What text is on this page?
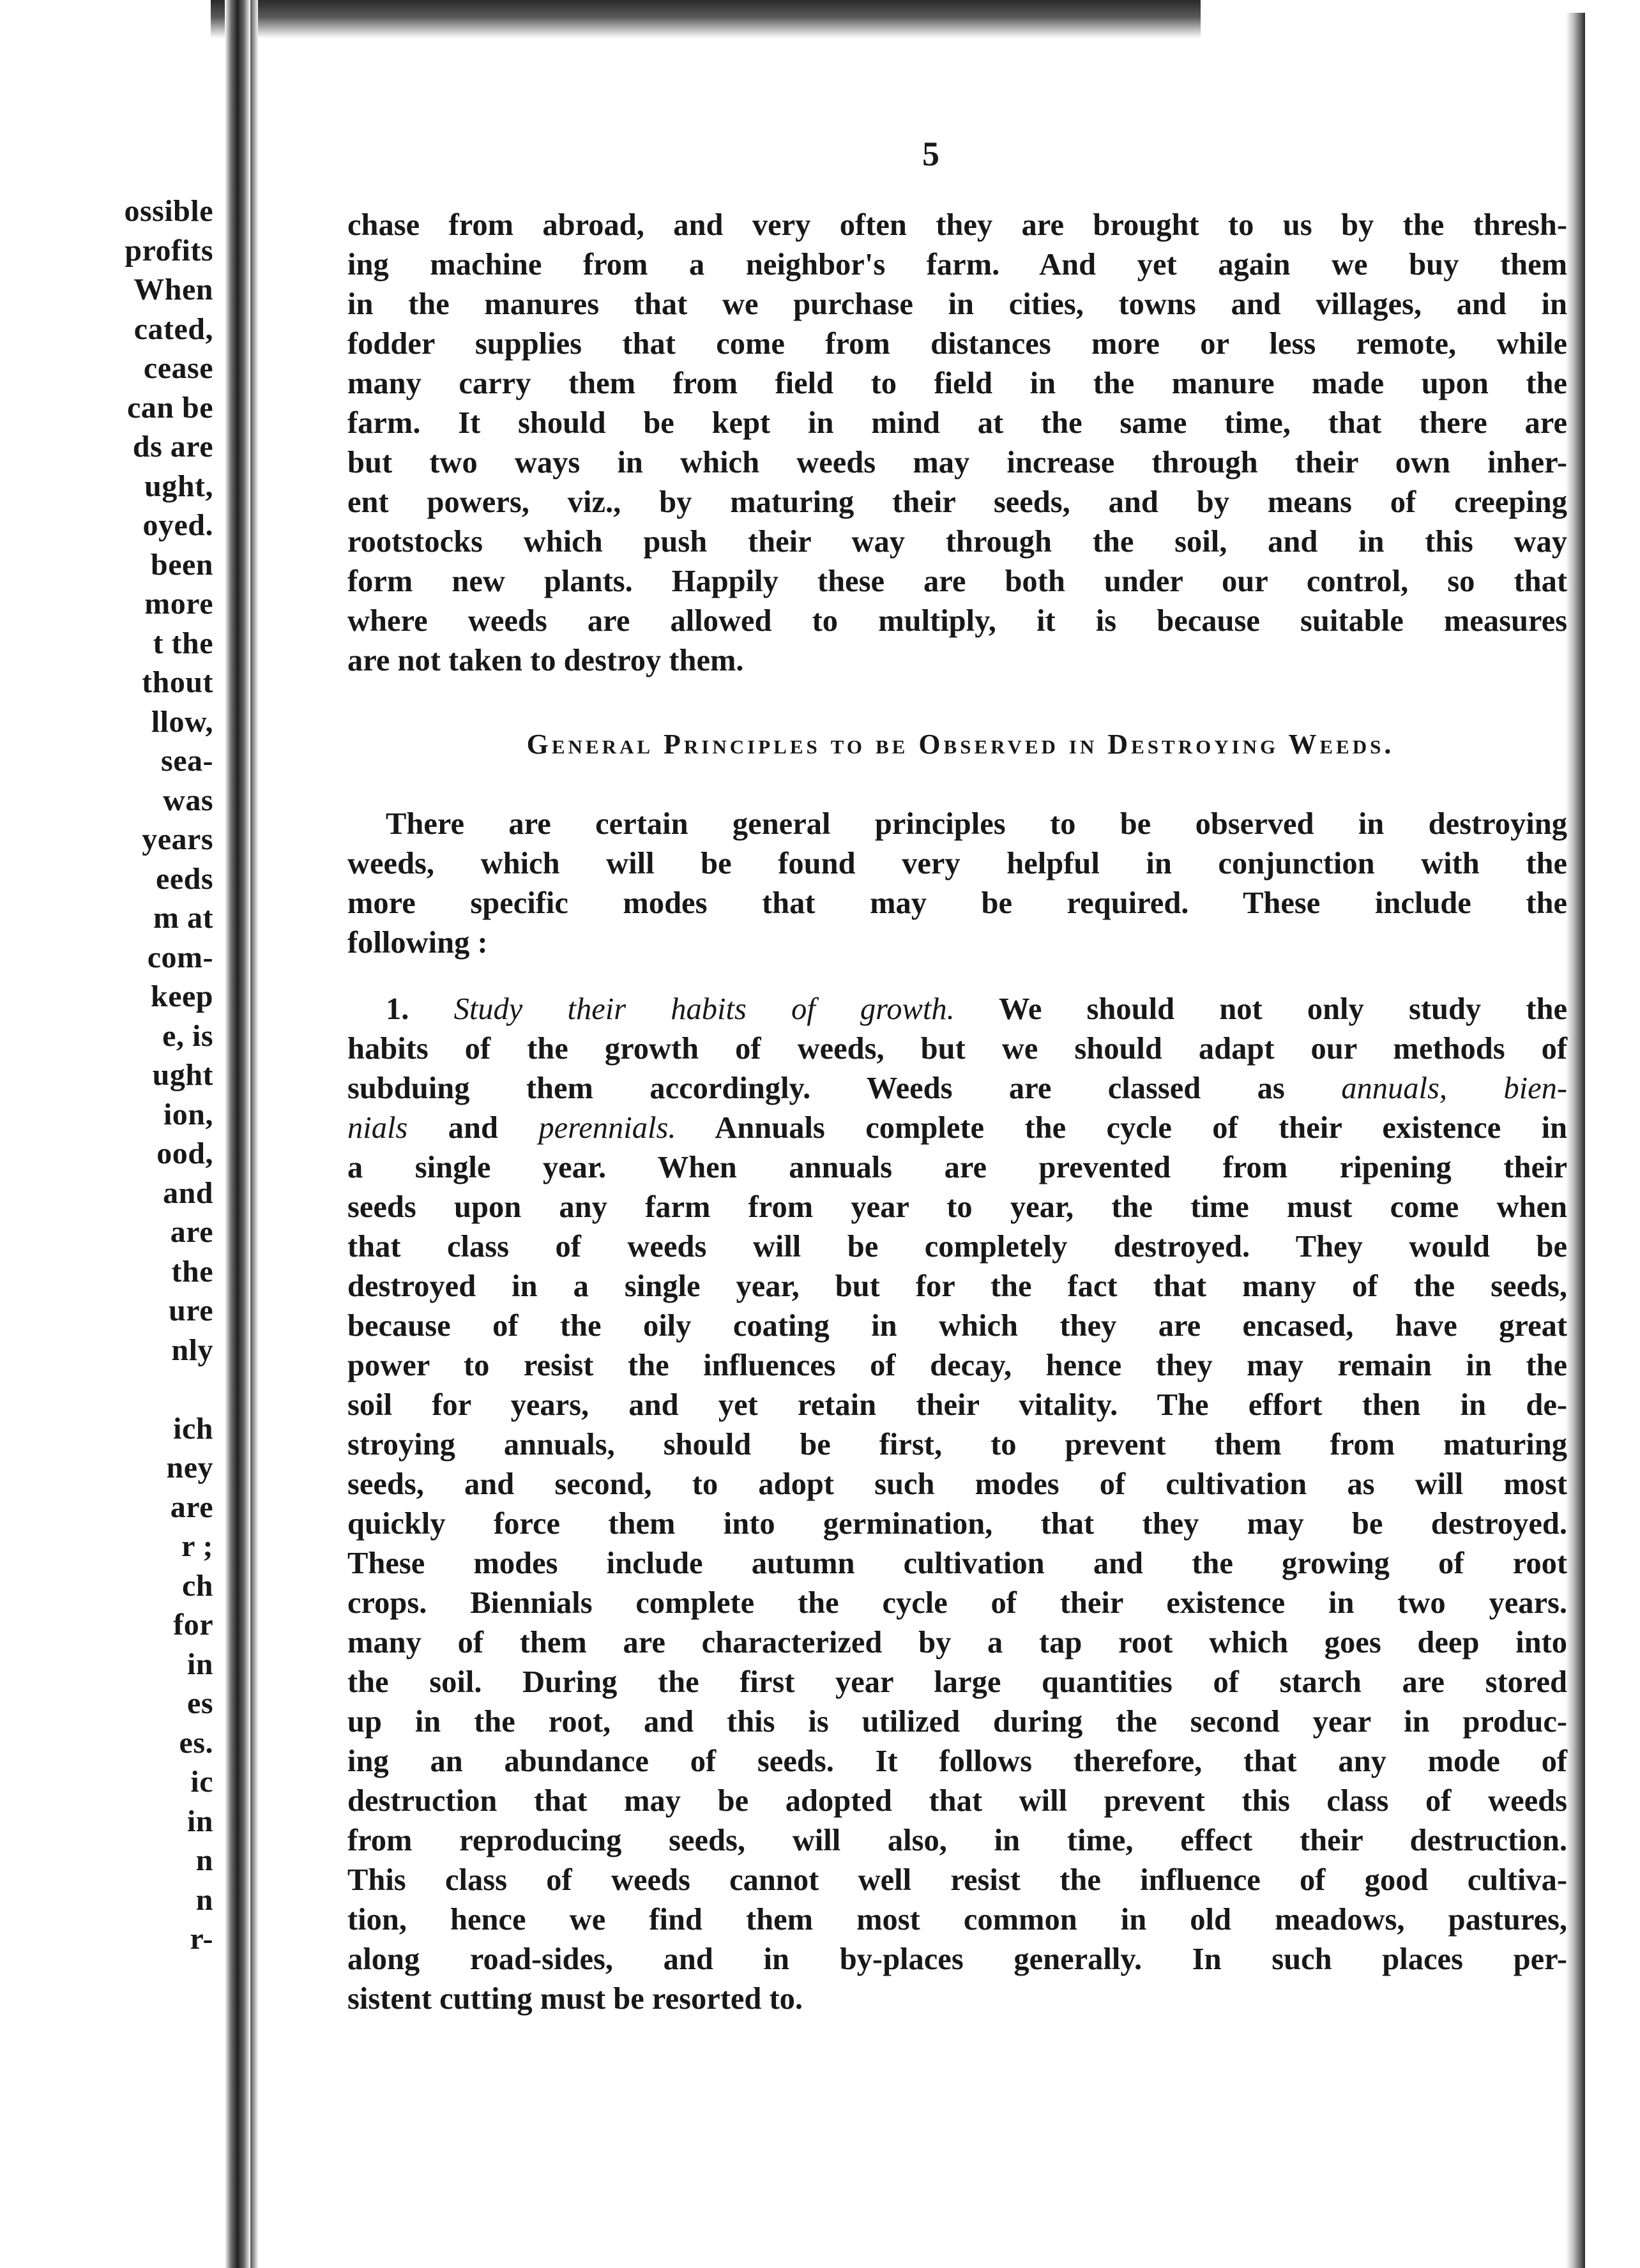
ossible
profits
When
cated,
cease
can be
ds are
ught,
oyed.
been
more
t the
thout
llow,
sea-
was
years
eeds
m at
com-
keep
e, is
ught
ion,
ood,
and
are
the
ure
nly
ich
ney
are
r ;
ch
for
in
es
es.
ic
in
n
n
r-
5
chase from abroad, and very often they are brought to us by the thresh-
ing machine from a neighbor's farm. And yet again we buy them
in the manures that we purchase in cities, towns and villages, and in
fodder supplies that come from distances more or less remote, while
many carry them from field to field in the manure made upon the
farm. It should be kept in mind at the same time, that there are
but two ways in which weeds may increase through their own inher-
ent powers, viz., by maturing their seeds, and by means of creeping
rootstocks which push their way through the soil, and in this way
form new plants. Happily these are both under our control, so that
where weeds are allowed to multiply, it is because suitable measures
are not taken to destroy them.
General Principles to be Observed in Destroying Weeds.
There are certain general principles to be observed in destroying
weeds, which will be found very helpful in conjunction with the
more specific modes that may be required. These include the
following :
1. Study their habits of growth. We should not only study the
habits of the growth of weeds, but we should adapt our methods of
subduing them accordingly. Weeds are classed as annuals, bien-
nials and perennials. Annuals complete the cycle of their existence in
a single year. When annuals are prevented from ripening their
seeds upon any farm from year to year, the time must come when
that class of weeds will be completely destroyed. They would be
destroyed in a single year, but for the fact that many of the seeds,
because of the oily coating in which they are encased, have great
power to resist the influences of decay, hence they may remain in the
soil for years, and yet retain their vitality. The effort then in de-
stroying annuals, should be first, to prevent them from maturing
seeds, and second, to adopt such modes of cultivation as will most
quickly force them into germination, that they may be destroyed.
These modes include autumn cultivation and the growing of root
crops. Biennials complete the cycle of their existence in two years.
many of them are characterized by a tap root which goes deep into
the soil. During the first year large quantities of starch are stored
up in the root, and this is utilized during the second year in produc-
ing an abundance of seeds. It follows therefore, that any mode of
destruction that may be adopted that will prevent this class of weeds
from reproducing seeds, will also, in time, effect their destruction.
This class of weeds cannot well resist the influence of good cultiva-
tion, hence we find them most common in old meadows, pastures,
along road-sides, and in by-places generally. In such places per-
sistent cutting must be resorted to.
